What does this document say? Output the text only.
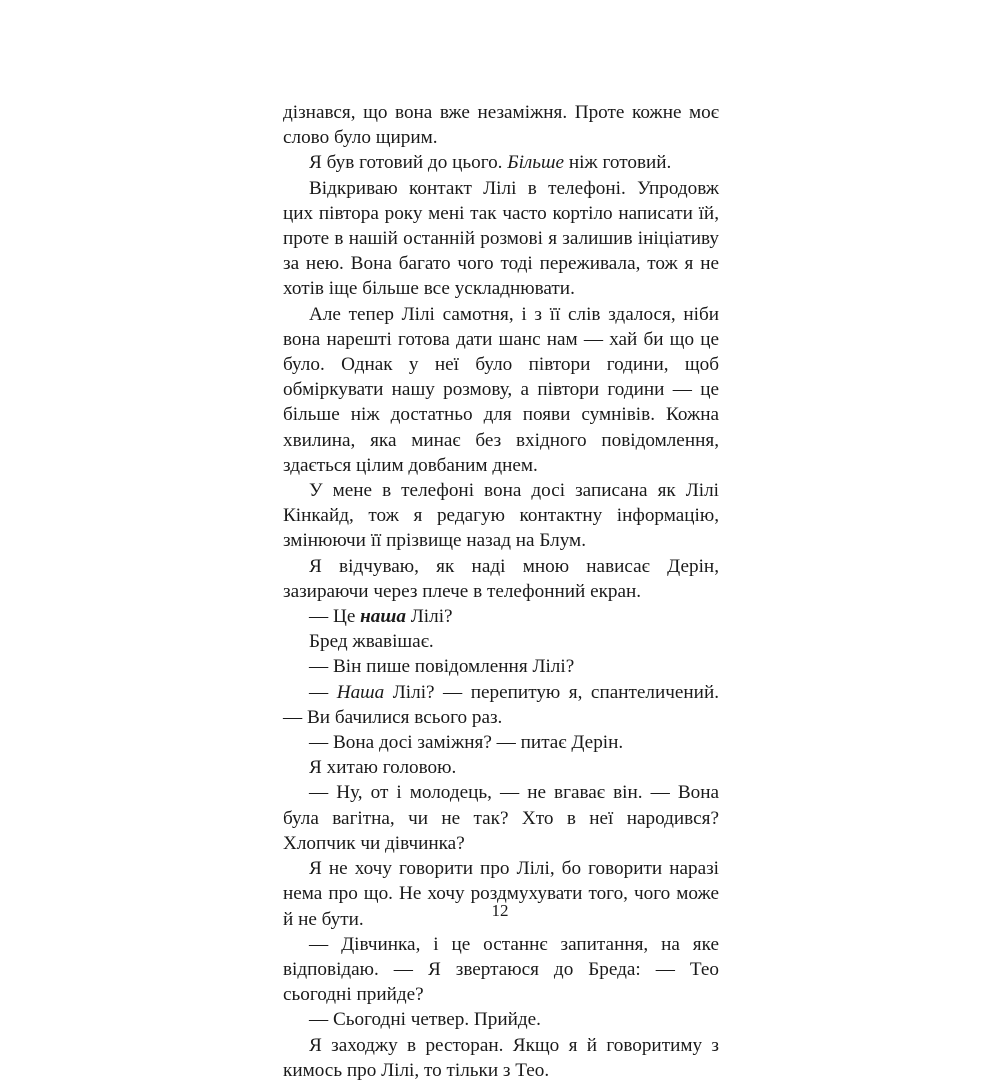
дізнався, що вона вже незаміжня. Проте кожне моє слово було щирим.

Я був готовий до цього. Більше ніж готовий.

Відкриваю контакт Лілі в телефоні. Упродовж цих півтора року мені так часто кортіло написати їй, проте в нашій останній розмові я залишив ініціативу за нею. Вона багато чого тоді переживала, тож я не хотів іще більше все ускладнювати.

Але тепер Лілі самотня, і з її слів здалося, ніби вона нарешті готова дати шанс нам — хай би що це було. Однак у неї було півтори години, щоб обміркувати нашу розмову, а півтори години — це більше ніж достатньо для появи сумнівів. Кожна хвилина, яка минає без вхідного повідомлення, здається цілим довбаним днем.

У мене в телефоні вона досі записана як Лілі Кінкайд, тож я редагую контактну інформацію, змінюючи її прізвище назад на Блум.

Я відчуваю, як наді мною нависає Дерін, зазираючи через плече в телефонний екран.

— Це наша Лілі?

Бред жвавішає.

— Він пише повідомлення Лілі?

— Наша Лілі? — перепитую я, спантеличений. — Ви бачилися всього раз.

— Вона досі заміжня? — питає Дерін.

Я хитаю головою.

— Ну, от і молодець, — не вгаває він. — Вона була вагітна, чи не так? Хто в неї народився? Хлопчик чи дівчинка?

Я не хочу говорити про Лілі, бо говорити наразі нема про що. Не хочу роздмухувати того, чого може й не бути.

— Дівчинка, і це останнє запитання, на яке відповідаю. — Я звертаюся до Бреда: — Тео сьогодні прийде?

— Сьогодні четвер. Прийде.

Я заходжу в ресторан. Якщо я й говоритиму з кимось про Лілі, то тільки з Тео.

12
